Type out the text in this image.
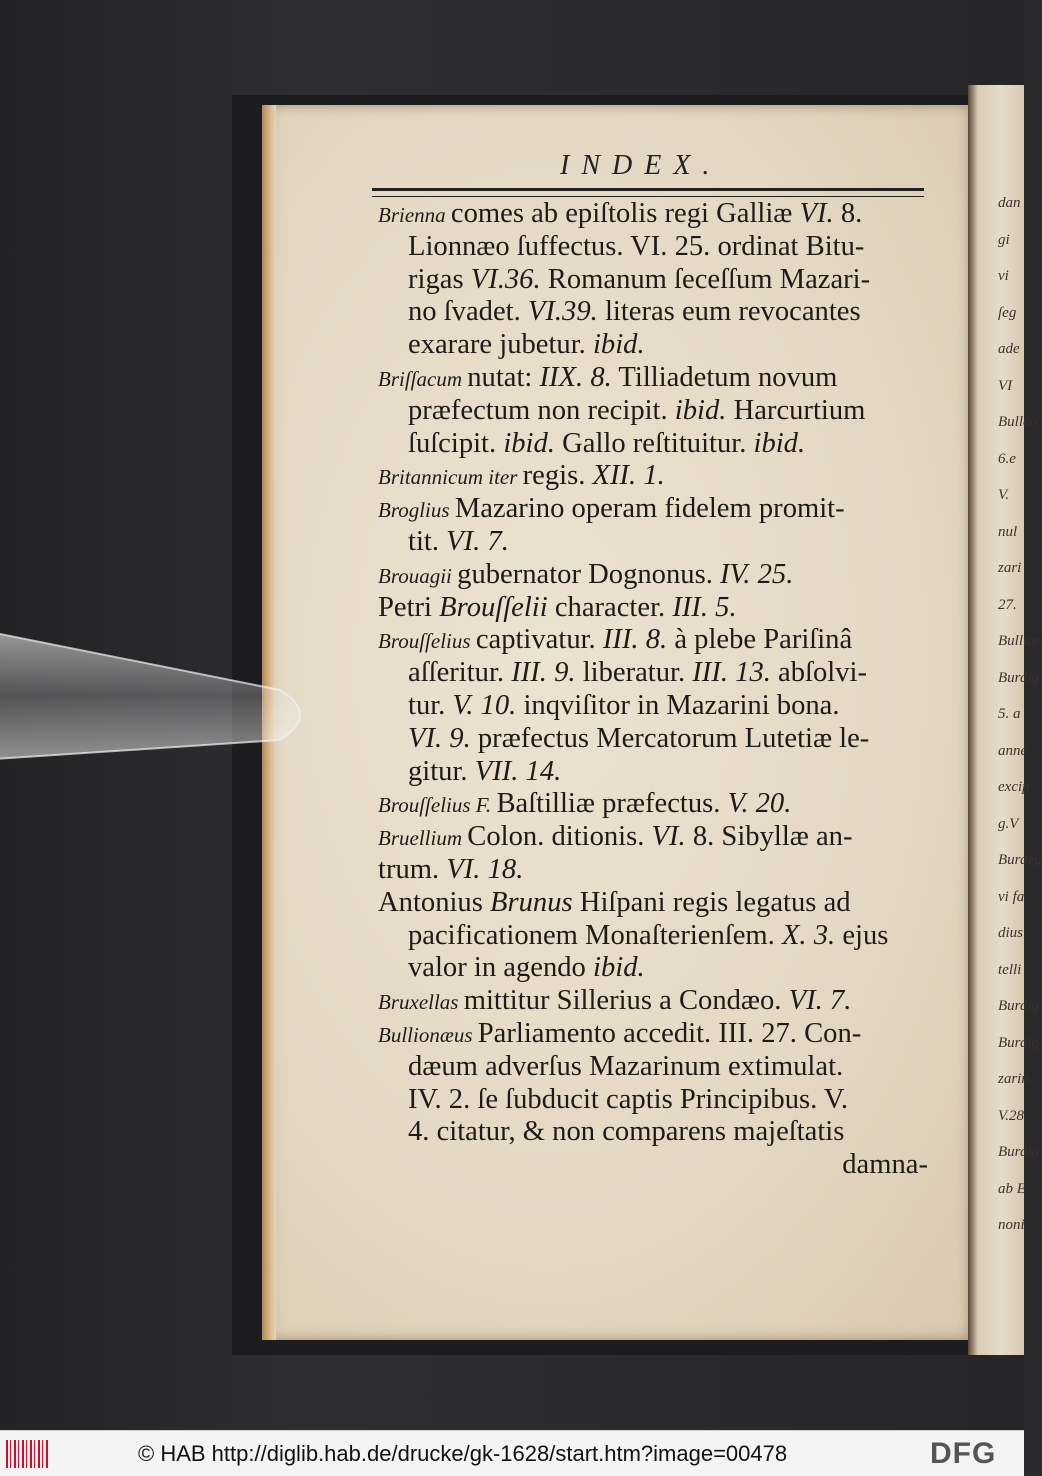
dan
gi
vi
ſeg
ade
VI
Bulleo
6.e
V.
nul
zari
27.
Bullion
Burdig
5. a
anne
excip
g.V
Burdeg
vi fa
dius
telli
Burdig
Burdig
zarin
V.28.
Burdig
ab E
noni
INDEX.
Brienna comes ab epiſtolis regi Galliæ VI. 8.
Lionnæo ſuffectus. VI. 25. ordinat Bitu-
rigas VI.36. Romanum ſeceſſum Mazari-
no ſvadet. VI.39. literas eum revocantes
exarare jubetur. ibid.
Briſſacum nutat: IIX. 8. Tilliadetum novum
præfectum non recipit. ibid. Harcurtium
ſuſcipit. ibid. Gallo reſtituitur. ibid.
Britannicum iter regis. XII. 1.
Broglius Mazarino operam fidelem promit-
tit. VI. 7.
Brouagii gubernator Dognonus. IV. 25.
Petri Brouſſelii character. III. 5.
Brouſſelius captivatur. III. 8. à plebe Pariſinâ
aſſeritur. III. 9. liberatur. III. 13. abſolvi-
tur. V. 10. inqviſitor in Mazarini bona.
VI. 9. præfectus Mercatorum Lutetiæ le-
gitur. VII. 14.
Brouſſelius F. Baſtilliæ præfectus. V. 20.
Bruellium Colon. ditionis. VI. 8. Sibyllæ an-
trum. VI. 18.
Antonius Brunus Hiſpani regis legatus ad
pacificationem Monaſterienſem. X. 3. ejus
valor in agendo ibid.
Bruxellas mittitur Sillerius a Condæo. VI. 7.
Bullionæus Parliamento accedit. III. 27. Con-
dæum adverſus Mazarinum extimulat.
IV. 2. ſe ſubducit captis Principibus. V.
4. citatur, & non comparens majeſtatis
damna-
© HAB http://diglib.hab.de/drucke/gk-1628/start.htm?image=00478	DFG
